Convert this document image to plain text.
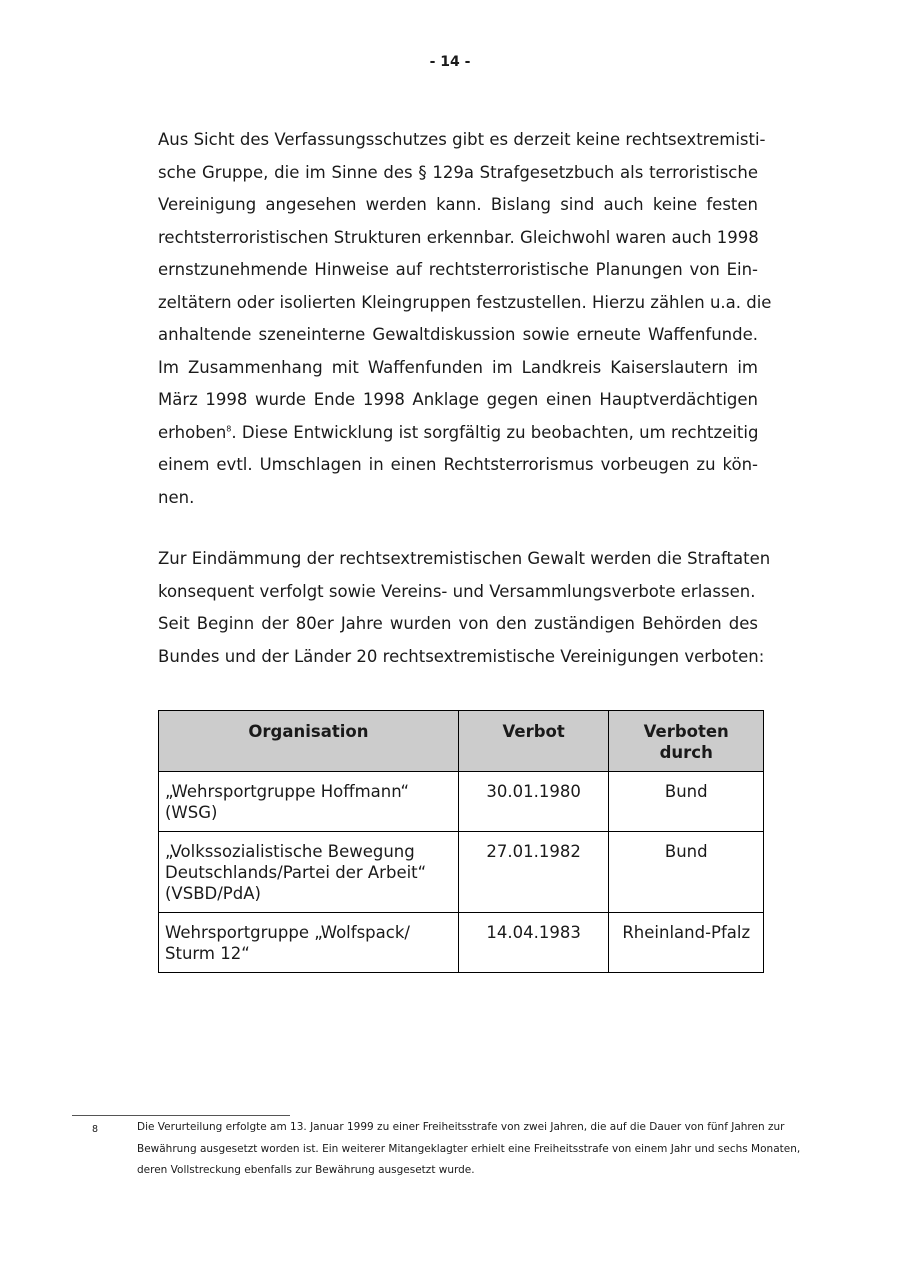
- 14 -
Aus Sicht des Verfassungsschutzes gibt es derzeit keine rechtsextremisti-
sche Gruppe, die im Sinne des § 129a Strafgesetzbuch als terroristische
Vereinigung angesehen werden kann. Bislang sind auch keine festen
rechtsterroristischen Strukturen erkennbar. Gleichwohl waren auch 1998
ernstzunehmende Hinweise auf rechtsterroristische Planungen von Ein-
zeltätern oder isolierten Kleingruppen festzustellen. Hierzu zählen u.a. die
anhaltende szeneinterne Gewaltdiskussion sowie erneute Waffenfunde.
Im Zusammenhang mit Waffenfunden im Landkreis Kaiserslautern im
März 1998 wurde Ende 1998 Anklage gegen einen Hauptverdächtigen
erhoben$^8$. Diese Entwicklung ist sorgfältig zu beobachten, um rechtzeitig
einem evtl. Umschlagen in einen Rechtsterrorismus vorbeugen zu kön-
nen.
Zur Eindämmung der rechtsextremistischen Gewalt werden die Straftaten
konsequent verfolgt sowie Vereins- und Versammlungsverbote erlassen.
Seit Beginn der 80er Jahre wurden von den zuständigen Behörden des
Bundes und der Länder 20 rechtsextremistische Vereinigungen verboten:
Organisation	Verbot	Verboten durch

„Wehrsportgruppe Hoffmann“
(WSG)	30.01.1980	Bund

„Volkssozialistische Bewegung
Deutschlands/Partei der Arbeit“
(VSBD/PdA)	27.01.1982	Bund

Wehrsportgruppe „Wolfspack/
Sturm 12“	14.04.1983	Rheinland-Pfalz
8	Die Verurteilung erfolgte am 13. Januar 1999 zu einer Freiheitsstrafe von zwei Jahren, die auf die Dauer von fünf Jahren zur
Bewährung ausgesetzt worden ist. Ein weiterer Mitangeklagter erhielt eine Freiheitsstrafe von einem Jahr und sechs Monaten,
deren Vollstreckung ebenfalls zur Bewährung ausgesetzt wurde.
